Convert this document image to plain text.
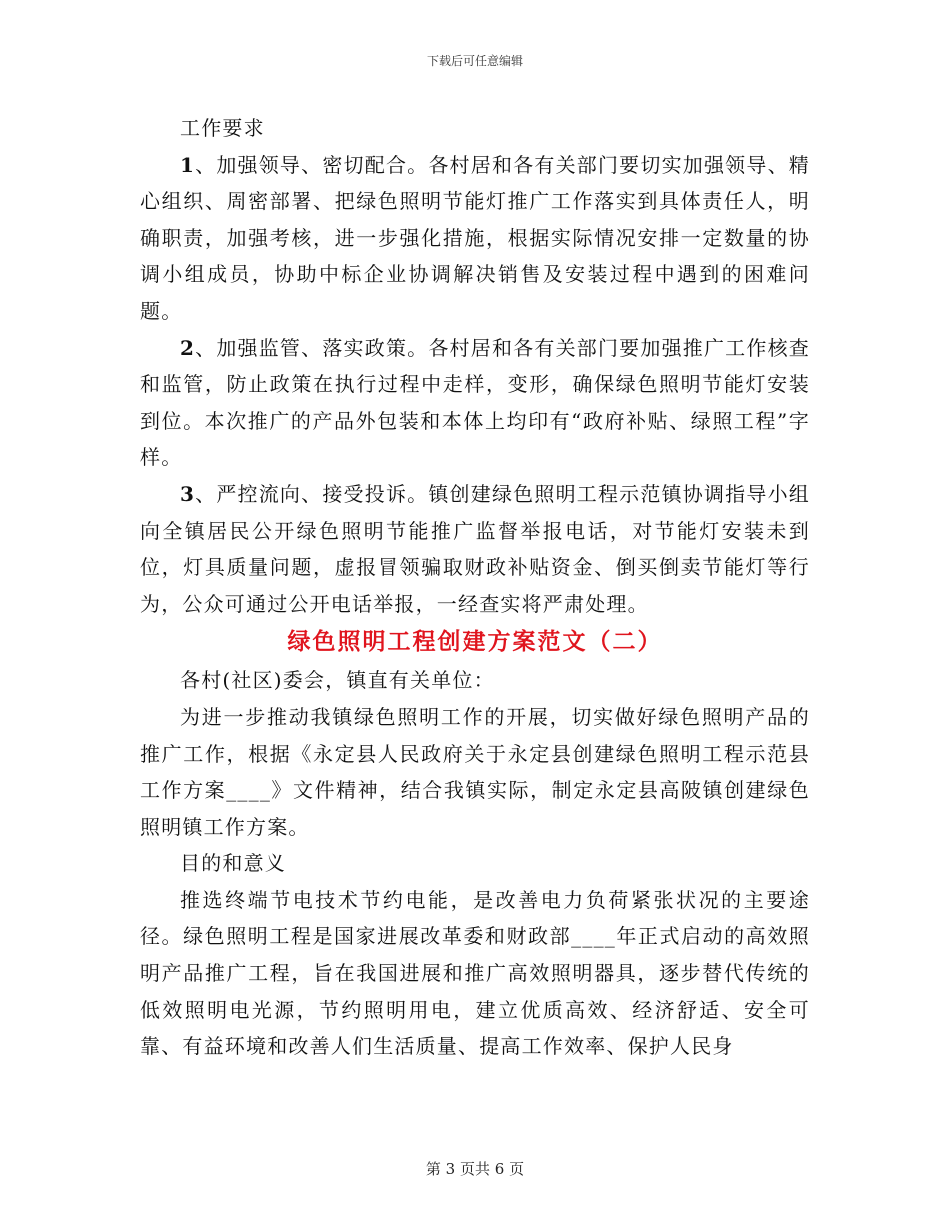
下载后可任意编辑

工作要求

1、加强领导、密切配合。各村居和各有关部门要切实加强领导、精心组织、周密部署、把绿色照明节能灯推广工作落实到具体责任人，明确职责，加强考核，进一步强化措施，根据实际情况安排一定数量的协调小组成员，协助中标企业协调解决销售及安装过程中遇到的困难问题。

2、加强监管、落实政策。各村居和各有关部门要加强推广工作核查和监管，防止政策在执行过程中走样，变形，确保绿色照明节能灯安装到位。本次推广的产品外包装和本体上均印有“政府补贴、绿照工程”字样。

3、严控流向、接受投诉。镇创建绿色照明工程示范镇协调指导小组向全镇居民公开绿色照明节能推广监督举报电话，对节能灯安装未到位，灯具质量问题，虚报冒领骗取财政补贴资金、倒买倒卖节能灯等行为，公众可通过公开电话举报，一经查实将严肃处理。

绿色照明工程创建方案范文（二）

各村(社区)委会，镇直有关单位：

为进一步推动我镇绿色照明工作的开展，切实做好绿色照明产品的推广工作，根据《永定县人民政府关于永定县创建绿色照明工程示范县工作方案____》文件精神，结合我镇实际，制定永定县高陂镇创建绿色照明镇工作方案。

目的和意义

推选终端节电技术节约电能，是改善电力负荷紧张状况的主要途径。绿色照明工程是国家进展改革委和财政部____年正式启动的高效照明产品推广工程，旨在我国进展和推广高效照明器具，逐步替代传统的低效照明电光源，节约照明用电，建立优质高效、经济舒适、安全可靠、有益环境和改善人们生活质量、提高工作效率、保护人民身

第 3 页共 6 页
